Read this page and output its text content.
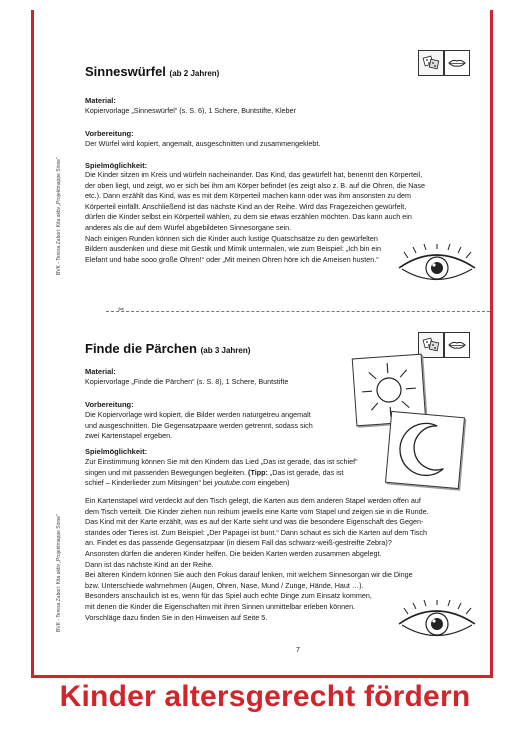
BVK - Teresa Zabori: Kita aktiv „Projektmappe Sinne“
BVK - Teresa Zabori: Kita aktiv „Projektmappe Sinne“
Sinneswürfel (ab 2 Jahren)
Material:
Kopiervorlage „Sinneswürfel“ (s. S. 6), 1 Schere, Buntstifte, Kleber
Vorbereitung:
Der Würfel wird kopiert, angemalt, ausgeschnitten und zusammengeklebt.
Spielmöglichkeit:

Die Kinder sitzen im Kreis und würfeln nacheinander. Das Kind, das gewürfelt hat, benennt den Körperteil,

der oben liegt, und zeigt, wo er sich bei ihm am Körper befindet (es zeigt also z. B. auf die Ohren, die Nase

etc.). Dann erzählt das Kind, was es mit dem Körperteil machen kann oder was ihm ansonsten zu dem

Körperteil einfällt. Anschließend ist das nächste Kind an der Reihe. Wird das Fragezeichen gewürfelt,

dürfen die Kinder selbst ein Körperteil wählen, zu dem sie etwas erzählen möchten. Das kann auch ein

anderes als die auf dem Würfel abgebildeten Sinnesorgane sein.

Nach einigen Runden können sich die Kinder auch lustige Quatschsätze zu den gewürfelten

Bildern ausdenken und diese mit Gestik und Mimik untermalen, wie zum Beispiel: „Ich bin ein

Elefant und habe sooo große Ohren!“ oder „Mit meinen Ohren höre ich die Ameisen husten.“

✂
Finde die Pärchen (ab 3 Jahren)
Material:
Kopiervorlage „Finde die Pärchen“ (s. S. 8), 1 Schere, Buntstifte
Vorbereitung:

Die Kopiervorlage wird kopiert, die Bilder werden naturgetreu angemalt

und ausgeschnitten. Die Gegensatzpaare werden getrennt, sodass sich

zwei Kartenstapel ergeben.

Spielmöglichkeit:

Zur Einstimmung können Sie mit den Kindern das Lied „Das ist gerade, das ist schief“

singen und mit passenden Bewegungen begleiten. (Tipp: „Das ist gerade, das ist

schief – Kinderlieder zum Mitsingen“ bei youtube.com eingeben)

Ein Kartenstapel wird verdeckt auf den Tisch gelegt, die Karten aus dem anderen Stapel werden offen auf

dem Tisch verteilt. Die Kinder ziehen nun reihum jeweils eine Karte vom Stapel und zeigen sie in die Runde.

Das Kind mit der Karte erzählt, was es auf der Karte sieht und was die besondere Eigenschaft des Gegen-

standes oder Tieres ist. Zum Beispiel: „Der Papagei ist bunt.“ Dann schaut es sich die Karten auf dem Tisch

an. Findet es das passende Gegensatzpaar (in diesem Fall das schwarz-weiß-gestreifte Zebra)?

Ansonsten dürfen die anderen Kinder helfen. Die beiden Karten werden zusammen abgelegt.

Dann ist das nächste Kind an der Reihe.

Bei älteren Kindern können Sie auch den Fokus darauf lenken, mit welchem Sinnesorgan wir die Dinge

bzw. Unterschiede wahrnehmen (Augen, Ohren, Nase, Mund / Zunge, Hände, Haut …).

Besonders anschaulich ist es, wenn für das Spiel auch echte Dinge zum Einsatz kommen,

mit denen die Kinder die Eigenschaften mit ihren Sinnen unmittelbar erleben können.

Vorschläge dazu finden Sie in den Hinweisen auf Seite 5.

7
Kinder altersgerecht fördern
